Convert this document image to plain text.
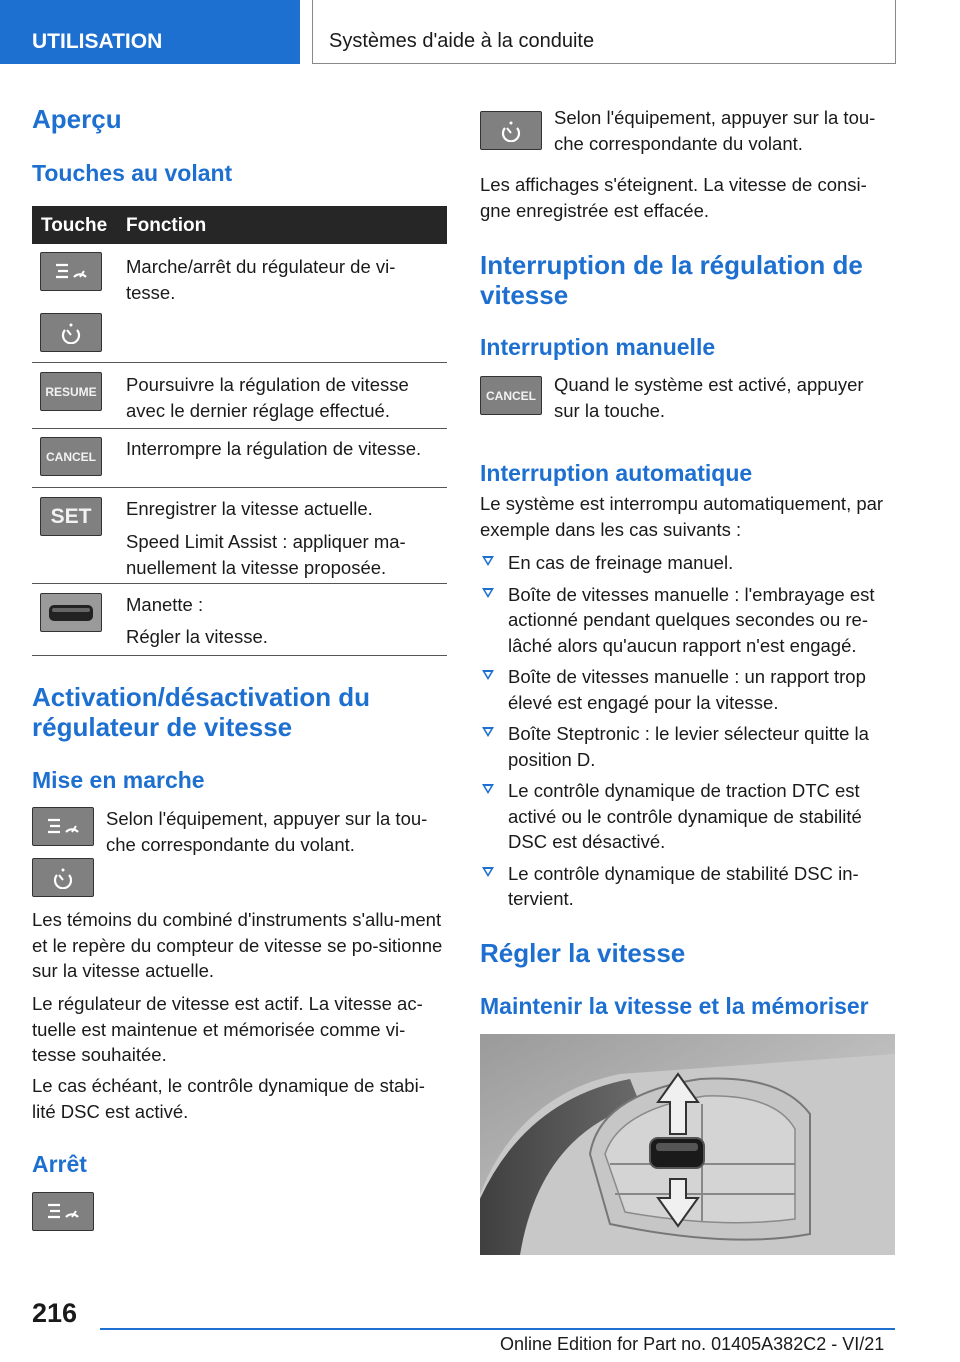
UTILISATION	Systèmes d'aide à la conduite
Aperçu
Touches au volant
Touche Fonction
Marche/arrêt du régulateur de vi-tesse.
RESUME Poursuivre la régulation de vitesse avec le dernier réglage effectué.
CANCEL Interrompre la régulation de vitesse.
SET Enregistrer la vitesse actuelle.
Speed Limit Assist : appliquer ma-nuellement la vitesse proposée.
Manette :
Régler la vitesse.
Activation/désactivation du régulateur de vitesse
Mise en marche
Selon l'équipement, appuyer sur la tou-che correspondante du volant.
Les témoins du combiné d'instruments s'allu-ment et le repère du compteur de vitesse se po-sitionne sur la vitesse actuelle.
Le régulateur de vitesse est actif. La vitesse ac-tuelle est maintenue et mémorisée comme vi-tesse souhaitée.
Le cas échéant, le contrôle dynamique de stabi-lité DSC est activé.
Arrêt
Selon l'équipement, appuyer sur la tou-che correspondante du volant.
Les affichages s'éteignent. La vitesse de consi-gne enregistrée est effacée.
Interruption de la régulation de vitesse
Interruption manuelle
CANCEL
Quand le système est activé, appuyer sur la touche.
Interruption automatique
Le système est interrompu automatiquement, par exemple dans les cas suivants :
En cas de freinage manuel.
Boîte de vitesses manuelle : l'embrayage est actionné pendant quelques secondes ou re-lâché alors qu'aucun rapport n'est engagé.
Boîte de vitesses manuelle : un rapport trop élevé est engagé pour la vitesse.
Boîte Steptronic : le levier sélecteur quitte la position D.
Le contrôle dynamique de traction DTC est activé ou le contrôle dynamique de stabilité DSC est désactivé.
Le contrôle dynamique de stabilité DSC in-tervient.
Régler la vitesse
Maintenir la vitesse et la mémoriser
216
Online Edition for Part no. 01405A382C2 - VI/21
